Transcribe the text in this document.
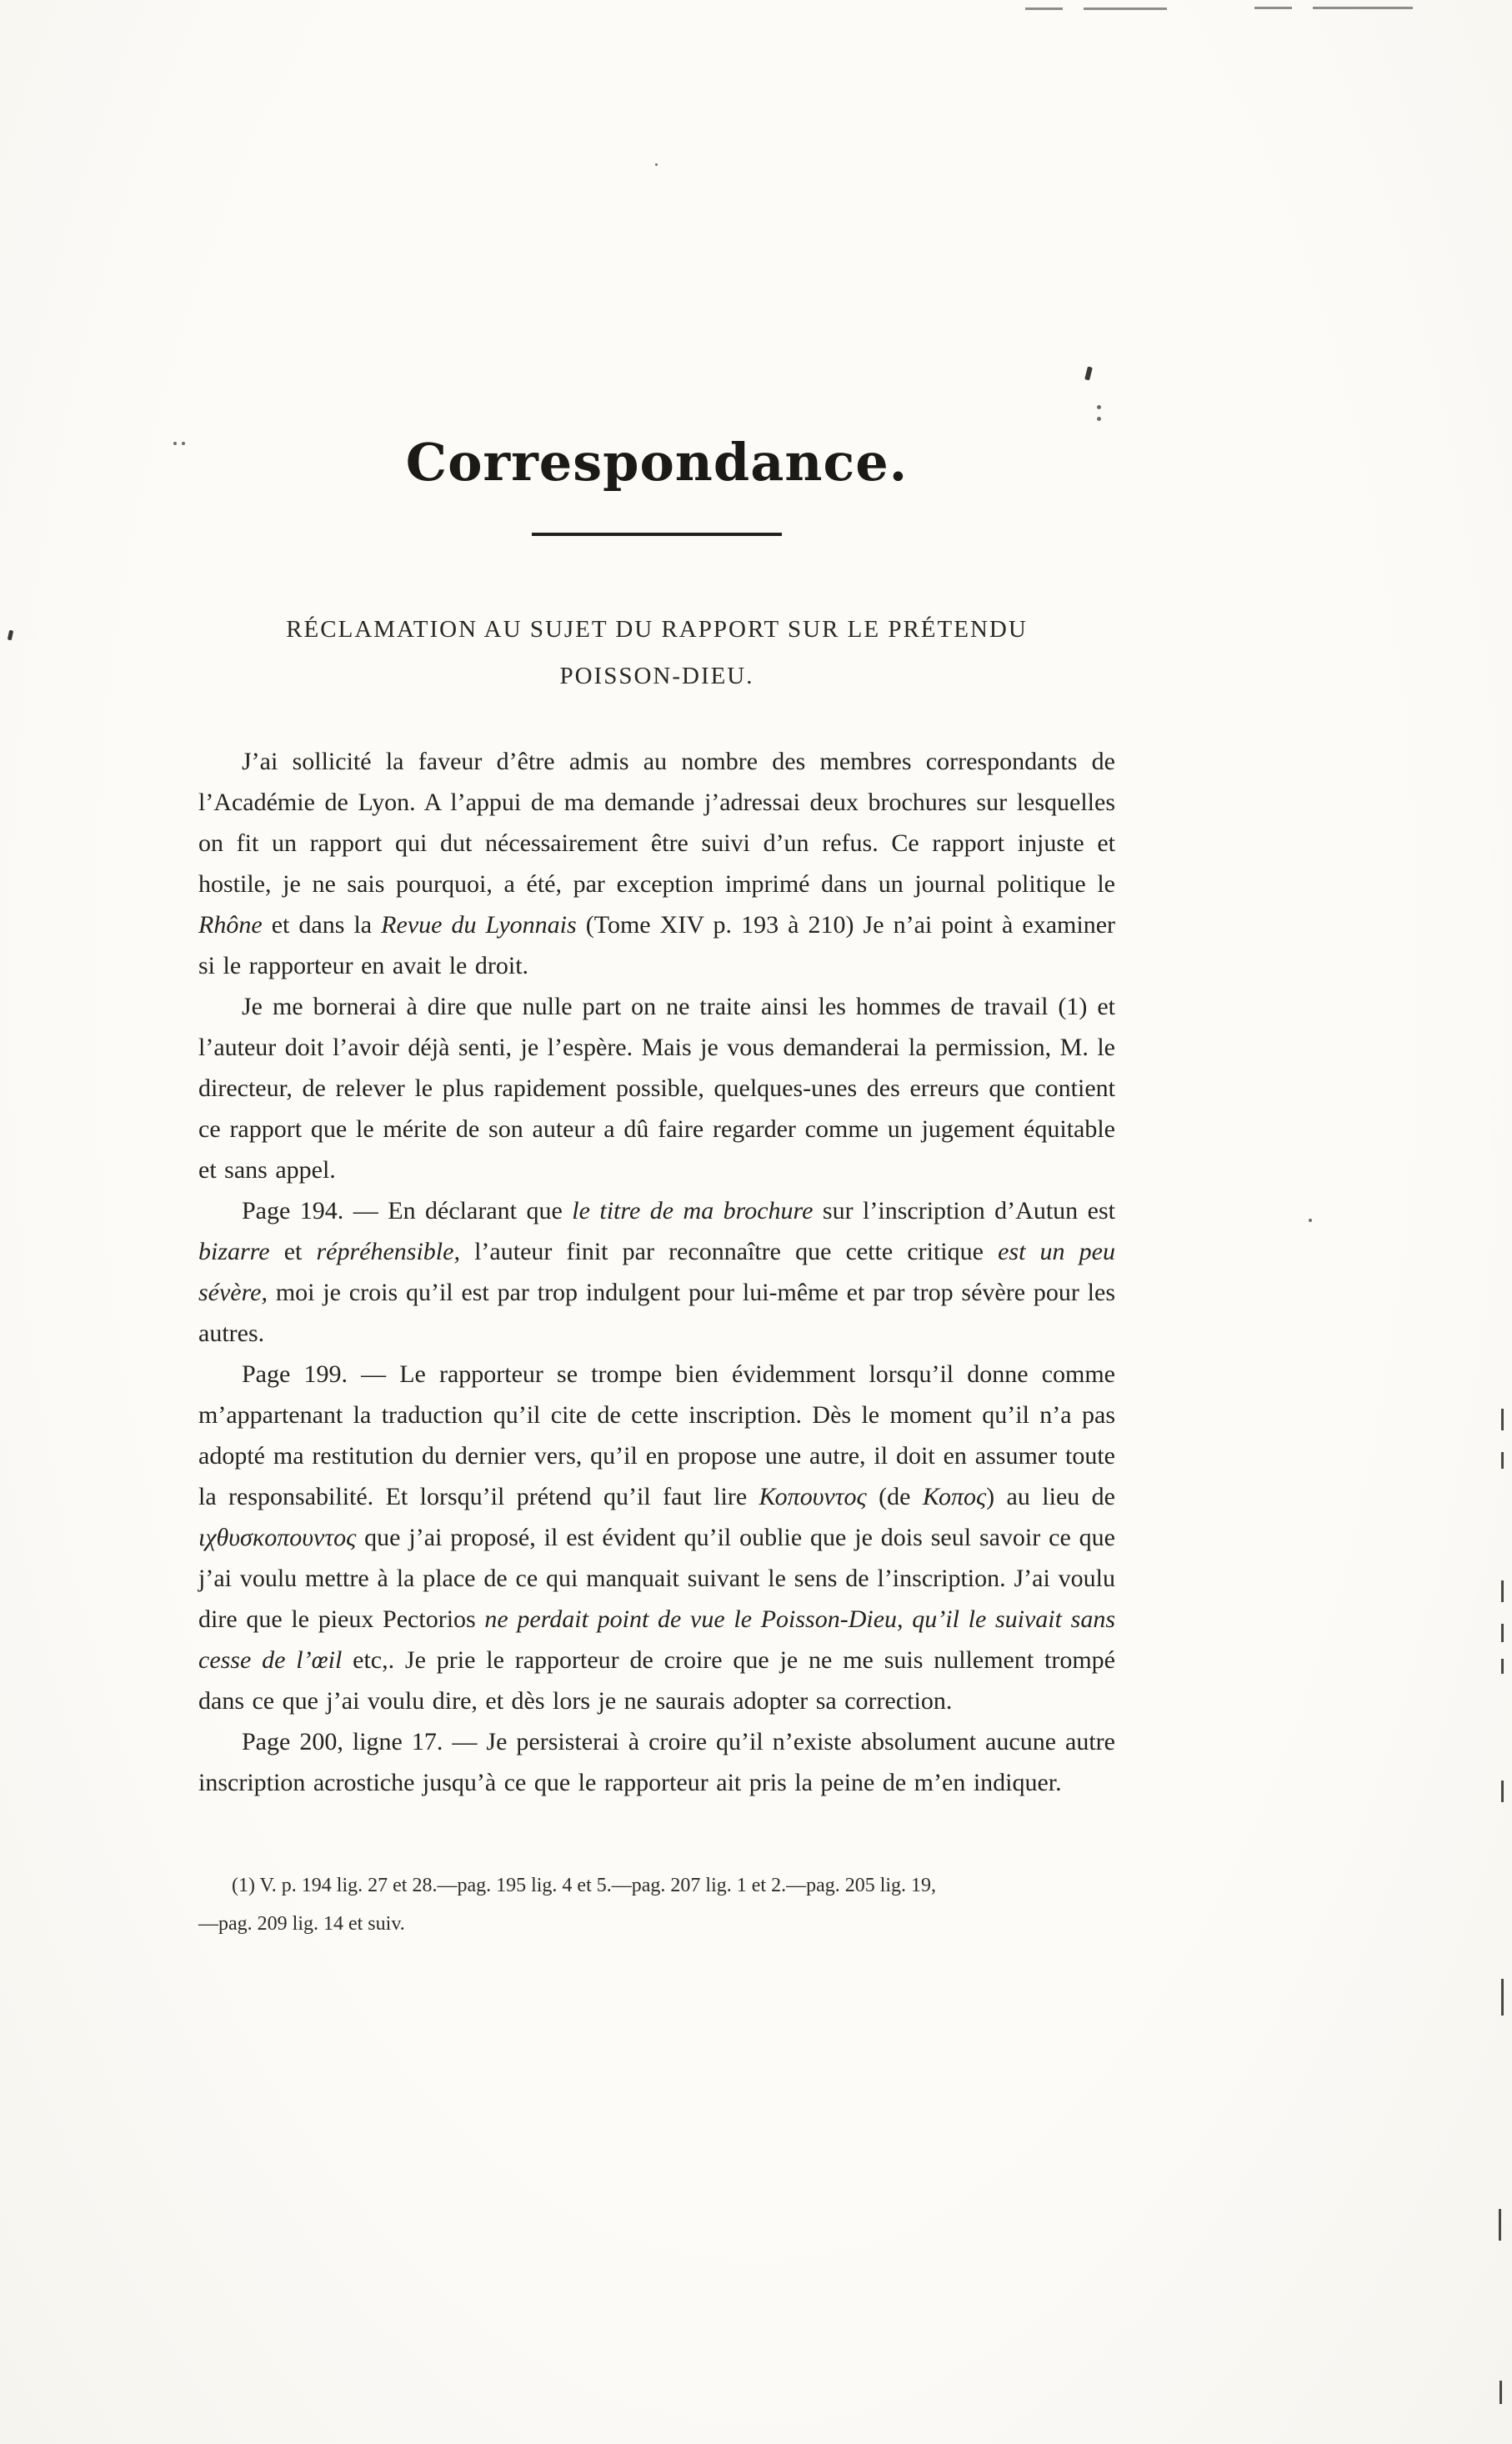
Correspondance.
RÉCLAMATION AU SUJET DU RAPPORT SUR LE PRÉTENDU
POISSON-DIEU.

J’ai sollicité la faveur d’être admis au nombre des membres correspondants de l’Académie de Lyon. A l’appui de ma demande j’adressai deux brochures sur lesquelles on fit un rapport qui dut nécessairement être suivi d’un refus. Ce rapport injuste et hostile, je ne sais pourquoi, a été, par exception imprimé dans un journal politique le Rhône et dans la Revue du Lyonnais (Tome XIV p. 193 à 210) Je n’ai point à examiner si le rapporteur en avait le droit.

Je me bornerai à dire que nulle part on ne traite ainsi les hommes de travail (1) et l’auteur doit l’avoir déjà senti, je l’espère. Mais je vous demanderai la permission, M. le directeur, de relever le plus rapidement possible, quelques-unes des erreurs que contient ce rapport que le mérite de son auteur a dû faire regarder comme un jugement équitable et sans appel.

Page 194. — En déclarant que le titre de ma brochure sur l’inscription d’Autun est bizarre et répréhensible, l’auteur finit par reconnaître que cette critique est un peu sévère, moi je crois qu’il est par trop indulgent pour lui-même et par trop sévère pour les autres.

Page 199. — Le rapporteur se trompe bien évidemment lorsqu’il donne comme m’appartenant la traduction qu’il cite de cette inscription. Dès le moment qu’il n’a pas adopté ma restitution du dernier vers, qu’il en propose une autre, il doit en assumer toute la responsabilité. Et lorsqu’il prétend qu’il faut lire Κοπουντος (de Κοπος) au lieu de ιχθυσκοπουντος que j’ai proposé, il est évident qu’il oublie que je dois seul savoir ce que j’ai voulu mettre à la place de ce qui manquait suivant le sens de l’inscription. J’ai voulu dire que le pieux Pectorios ne perdait point de vue le Poisson-Dieu, qu’il le suivait sans cesse de l’œil etc,. Je prie le rapporteur de croire que je ne me suis nullement trompé dans ce que j’ai voulu dire, et dès lors je ne saurais adopter sa correction.

Page 200, ligne 17. — Je persisterai à croire qu’il n’existe absolument aucune autre inscription acrostiche jusqu’à ce que le rapporteur ait pris la peine de m’en indiquer.

(1) V. p. 194 lig. 27 et 28.—pag. 195 lig. 4 et 5.—pag. 207 lig. 1 et 2.—pag. 205 lig. 19,
—pag. 209 lig. 14 et suiv.
